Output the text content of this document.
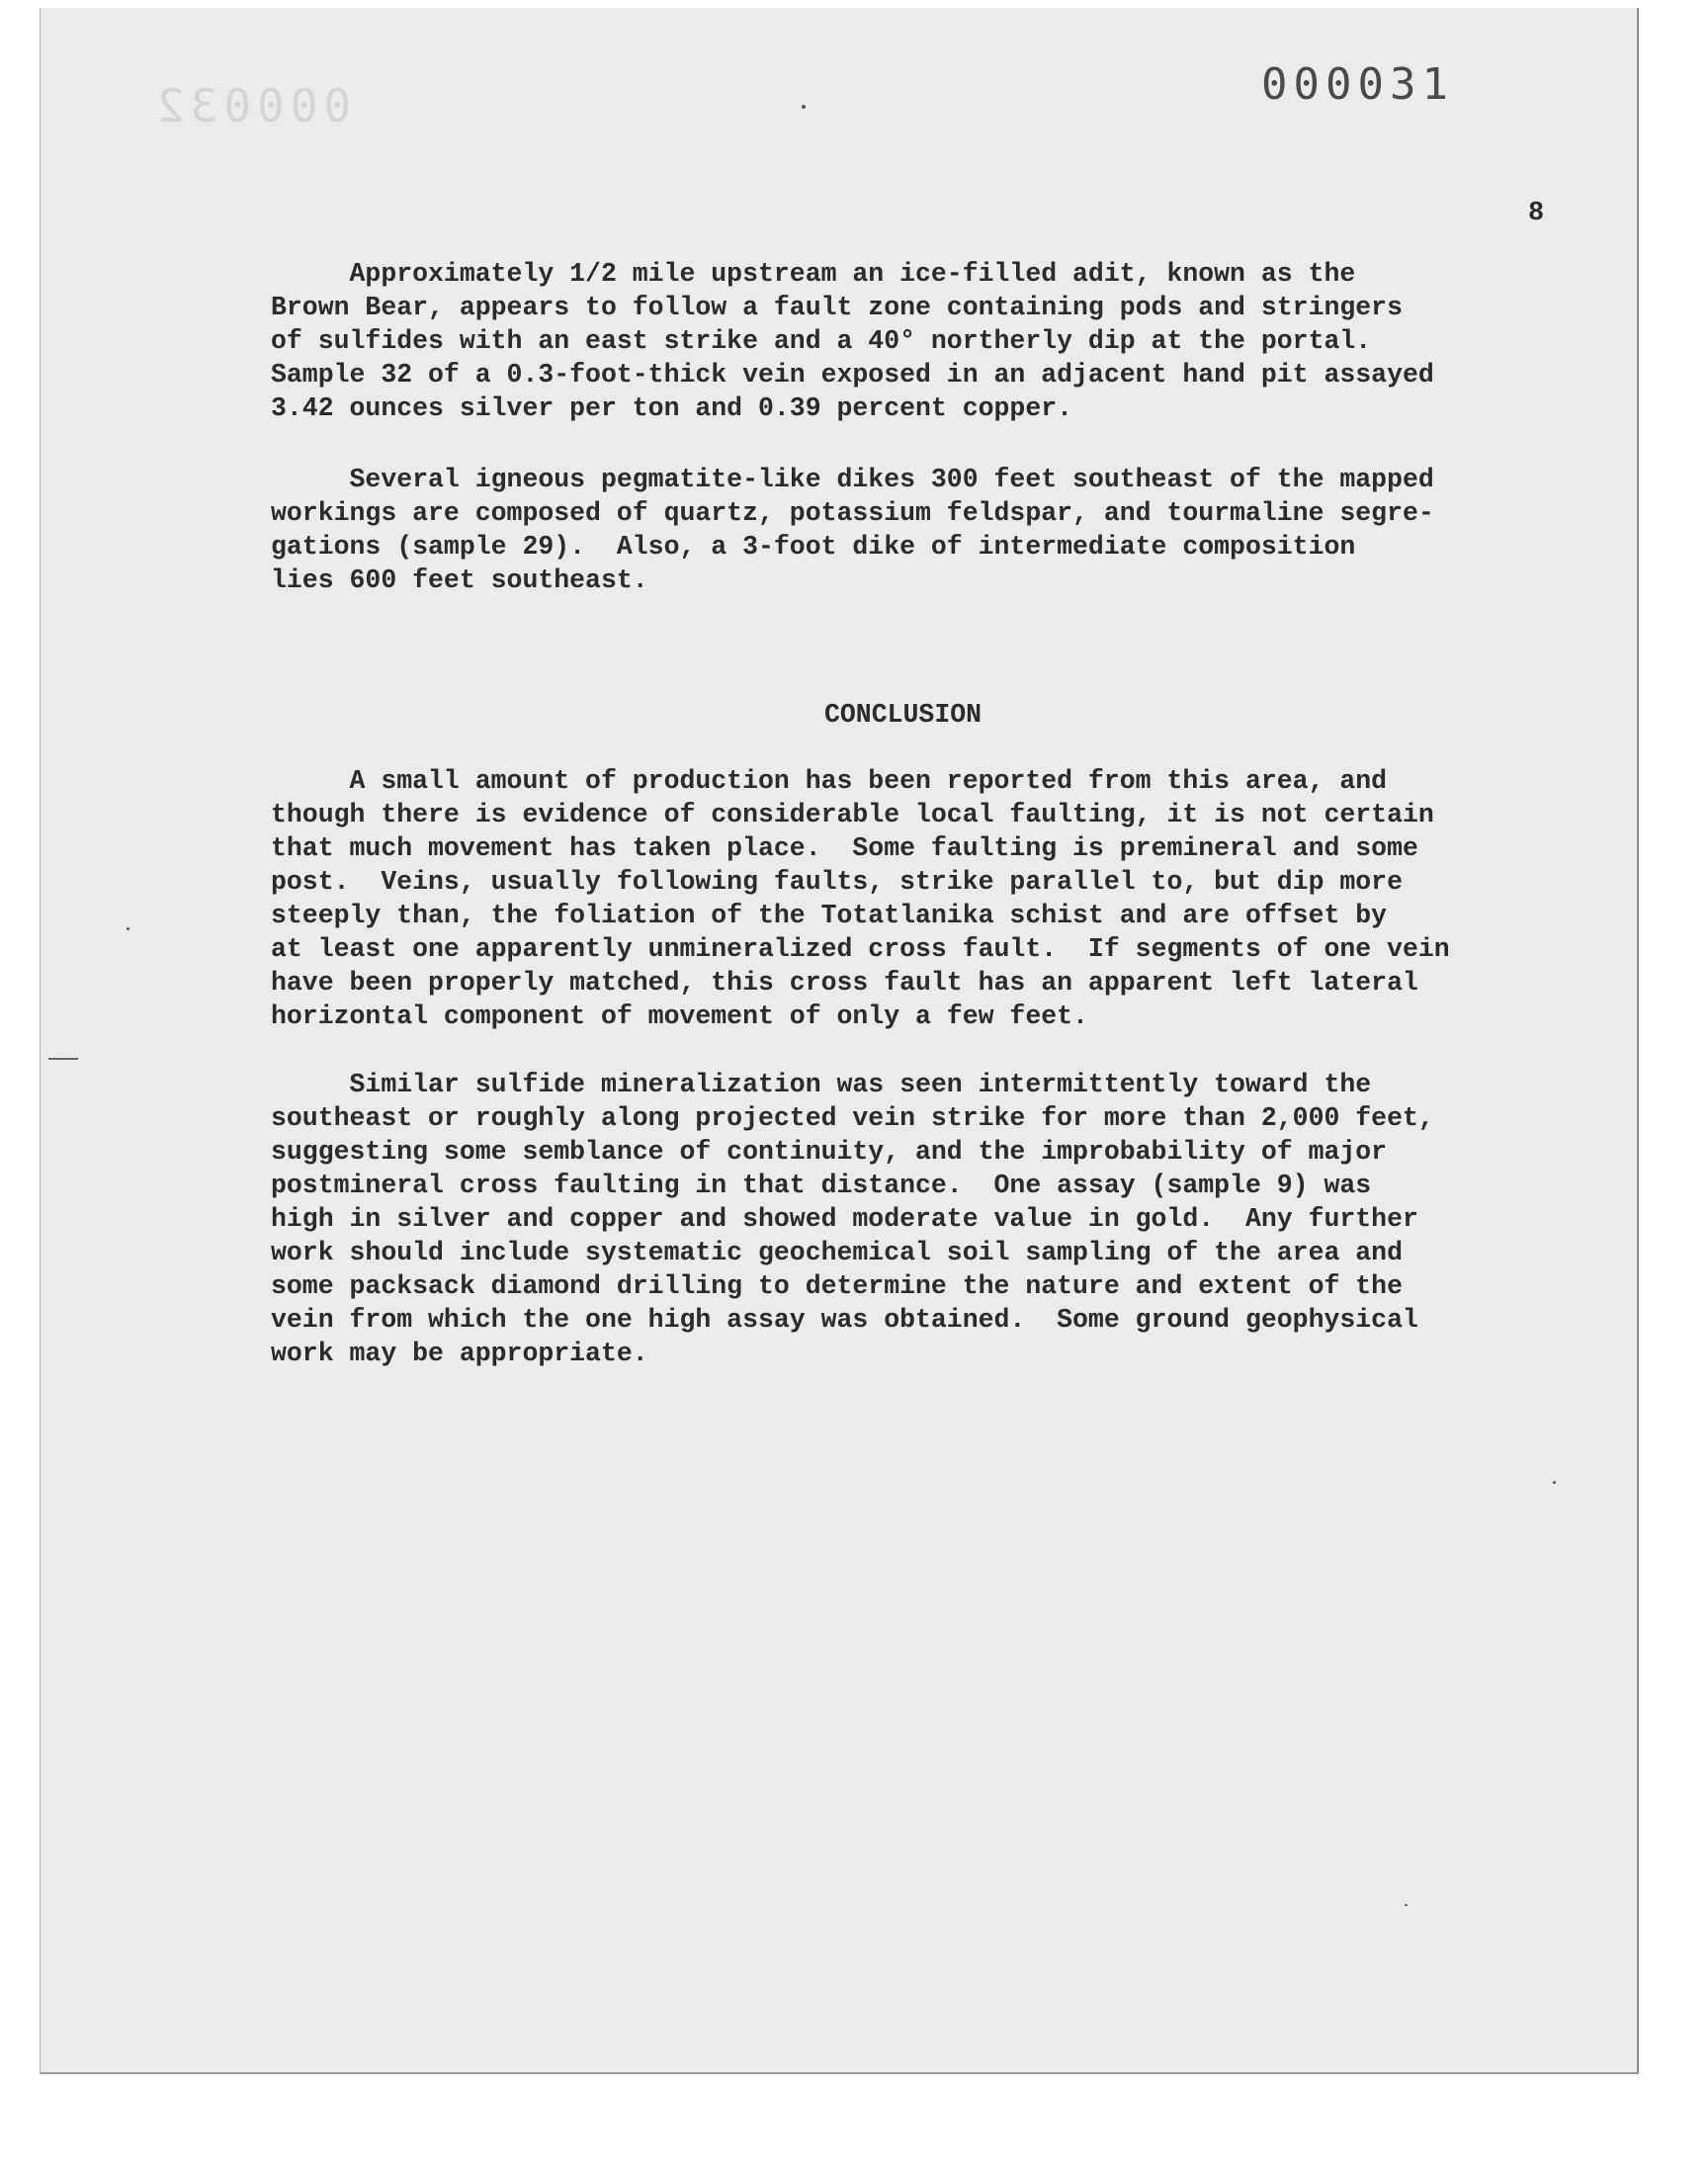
000032	000031
8
Approximately 1/2 mile upstream an ice-filled adit, known as the
Brown Bear, appears to follow a fault zone containing pods and stringers
of sulfides with an east strike and a 40° northerly dip at the portal.
Sample 32 of a 0.3-foot-thick vein exposed in an adjacent hand pit assayed
3.42 ounces silver per ton and 0.39 percent copper.
Several igneous pegmatite-like dikes 300 feet southeast of the mapped
workings are composed of quartz, potassium feldspar, and tourmaline segre-
gations (sample 29).  Also, a 3-foot dike of intermediate composition
lies 600 feet southeast.
CONCLUSION
A small amount of production has been reported from this area, and
though there is evidence of considerable local faulting, it is not certain
that much movement has taken place.  Some faulting is premineral and some
post.  Veins, usually following faults, strike parallel to, but dip more
steeply than, the foliation of the Totatlanika schist and are offset by
at least one apparently unmineralized cross fault.  If segments of one vein
have been properly matched, this cross fault has an apparent left lateral
horizontal component of movement of only a few feet.
Similar sulfide mineralization was seen intermittently toward the
southeast or roughly along projected vein strike for more than 2,000 feet,
suggesting some semblance of continuity, and the improbability of major
postmineral cross faulting in that distance.  One assay (sample 9) was
high in silver and copper and showed moderate value in gold.  Any further
work should include systematic geochemical soil sampling of the area and
some packsack diamond drilling to determine the nature and extent of the
vein from which the one high assay was obtained.  Some ground geophysical
work may be appropriate.
